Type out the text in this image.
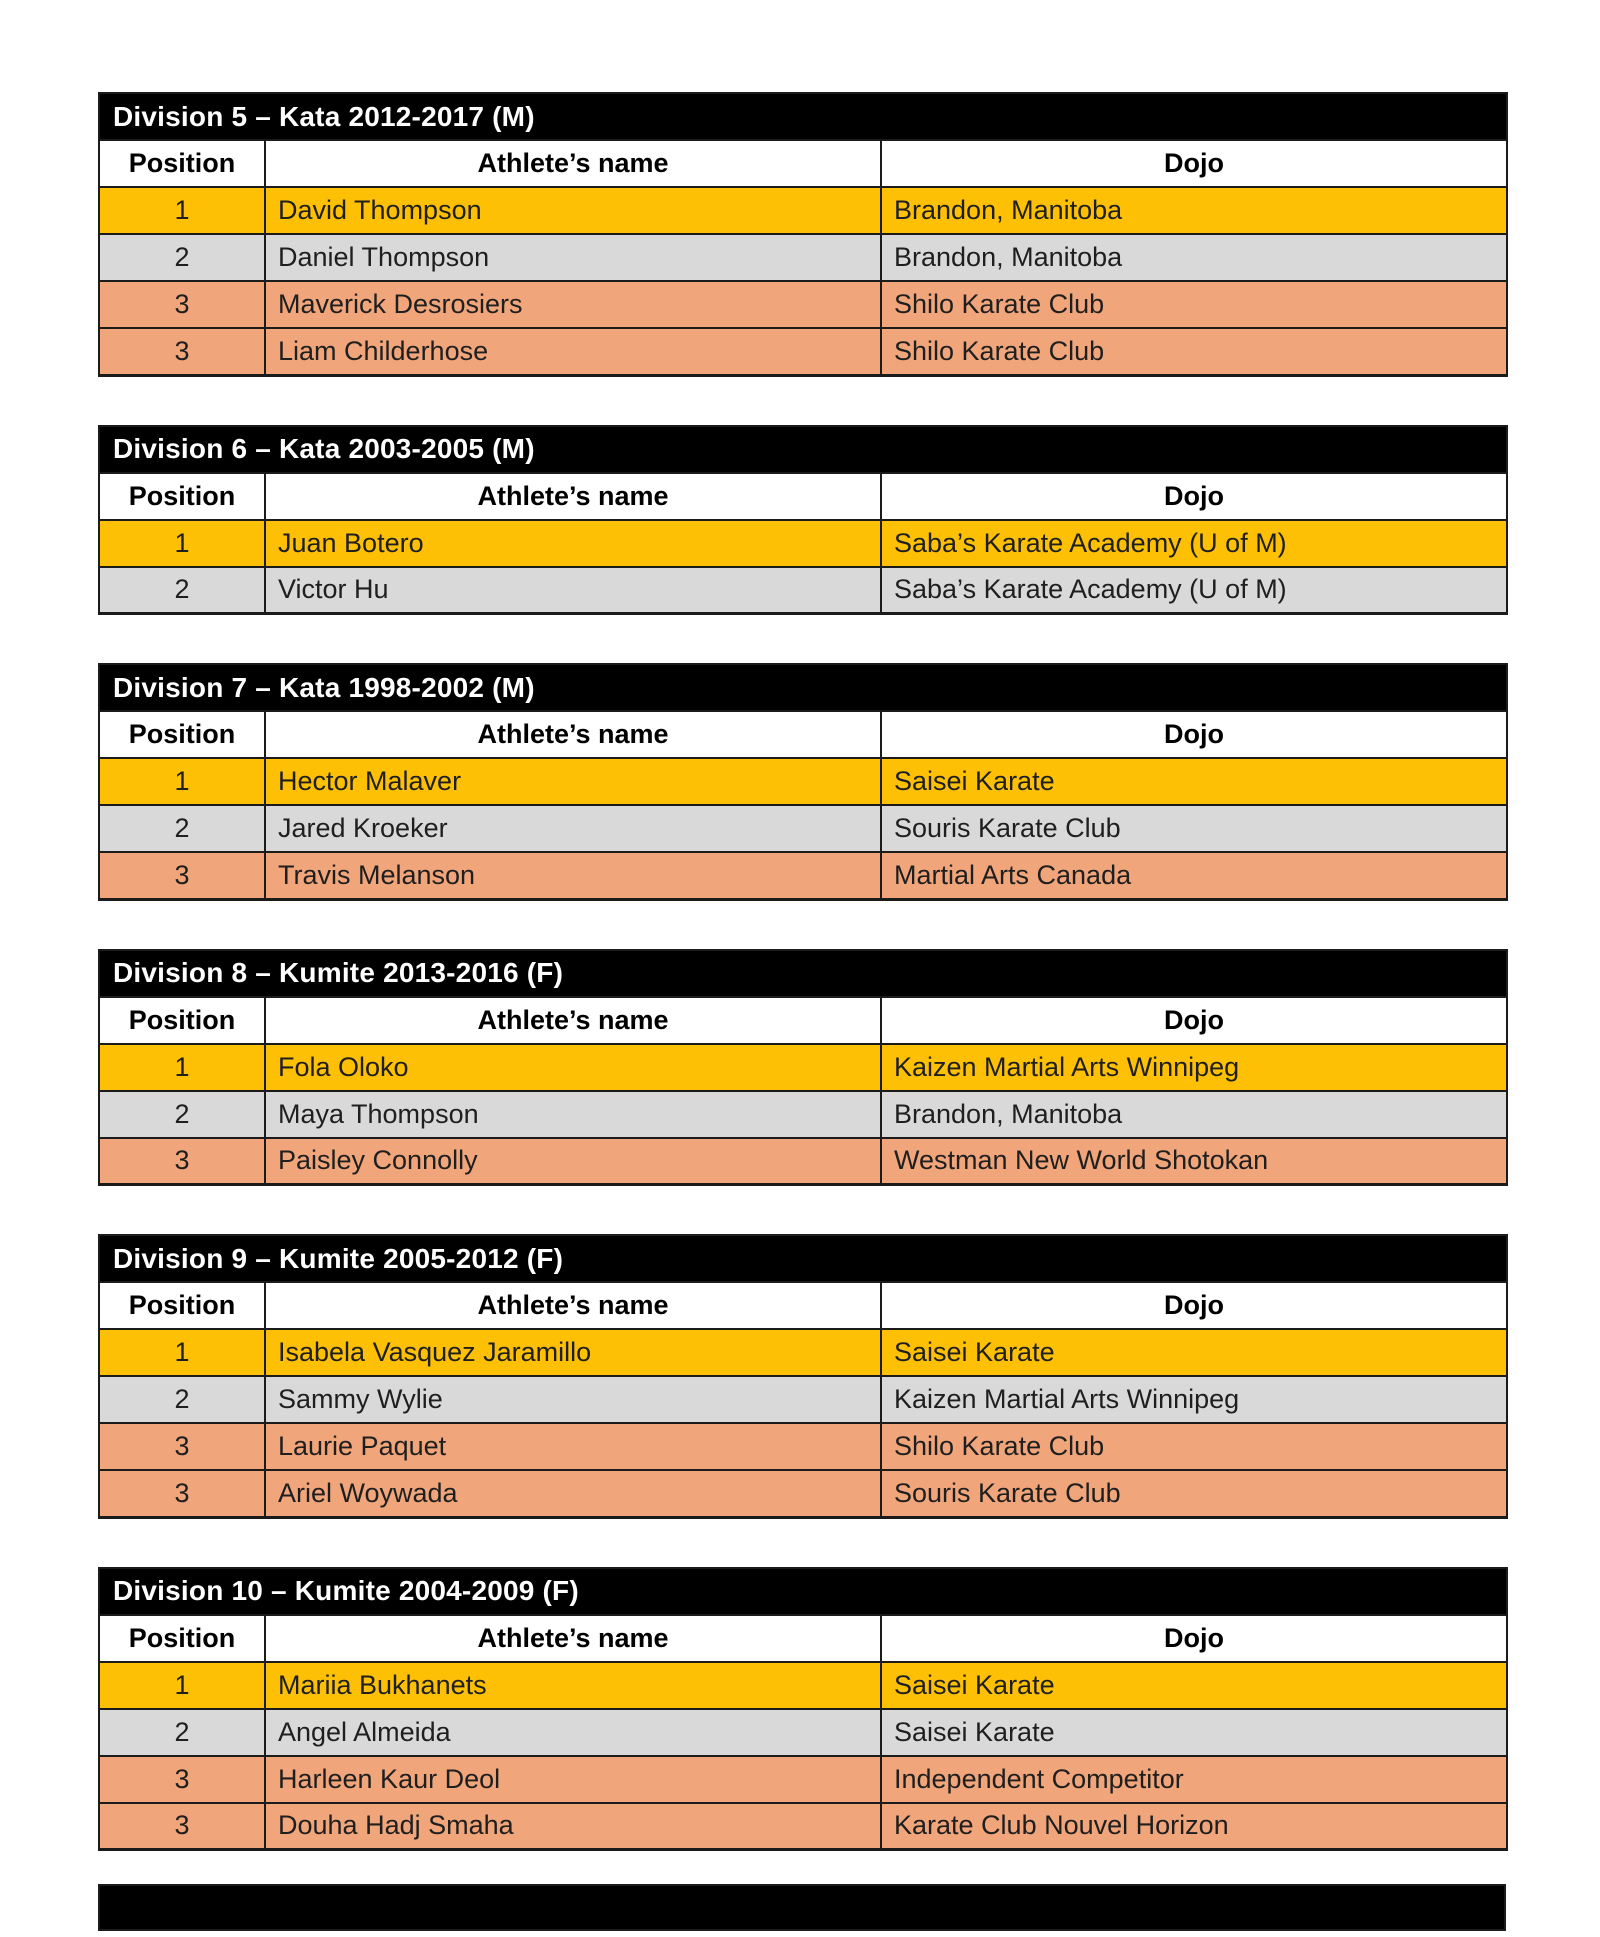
Division 5 – Kata 2012-2017 (M)		
Position	Athlete’s name	Dojo
1	David Thompson	Brandon, Manitoba
2	Daniel Thompson	Brandon, Manitoba
3	Maverick Desrosiers	Shilo Karate Club
3	Liam Childerhose	Shilo Karate Club
Division 6 – Kata 2003-2005 (M)		
Position	Athlete’s name	Dojo
1	Juan Botero	Saba’s Karate Academy (U of M)
2	Victor Hu	Saba’s Karate Academy (U of M)
Division 7 – Kata 1998-2002 (M)		
Position	Athlete’s name	Dojo
1	Hector Malaver	Saisei Karate
2	Jared Kroeker	Souris Karate Club
3	Travis Melanson	Martial Arts Canada
Division 8 – Kumite 2013-2016 (F)		
Position	Athlete’s name	Dojo
1	Fola Oloko	Kaizen Martial Arts Winnipeg
2	Maya Thompson	Brandon, Manitoba
3	Paisley Connolly	Westman New World Shotokan
Division 9 – Kumite 2005-2012 (F)		
Position	Athlete’s name	Dojo
1	Isabela Vasquez Jaramillo	Saisei Karate
2	Sammy Wylie	Kaizen Martial Arts Winnipeg
3	Laurie Paquet	Shilo Karate Club
3	Ariel Woywada	Souris Karate Club
Division 10 – Kumite 2004-2009 (F)		
Position	Athlete’s name	Dojo
1	Mariia Bukhanets	Saisei Karate
2	Angel Almeida	Saisei Karate
3	Harleen Kaur Deol	Independent Competitor
3	Douha Hadj Smaha	Karate Club Nouvel Horizon
